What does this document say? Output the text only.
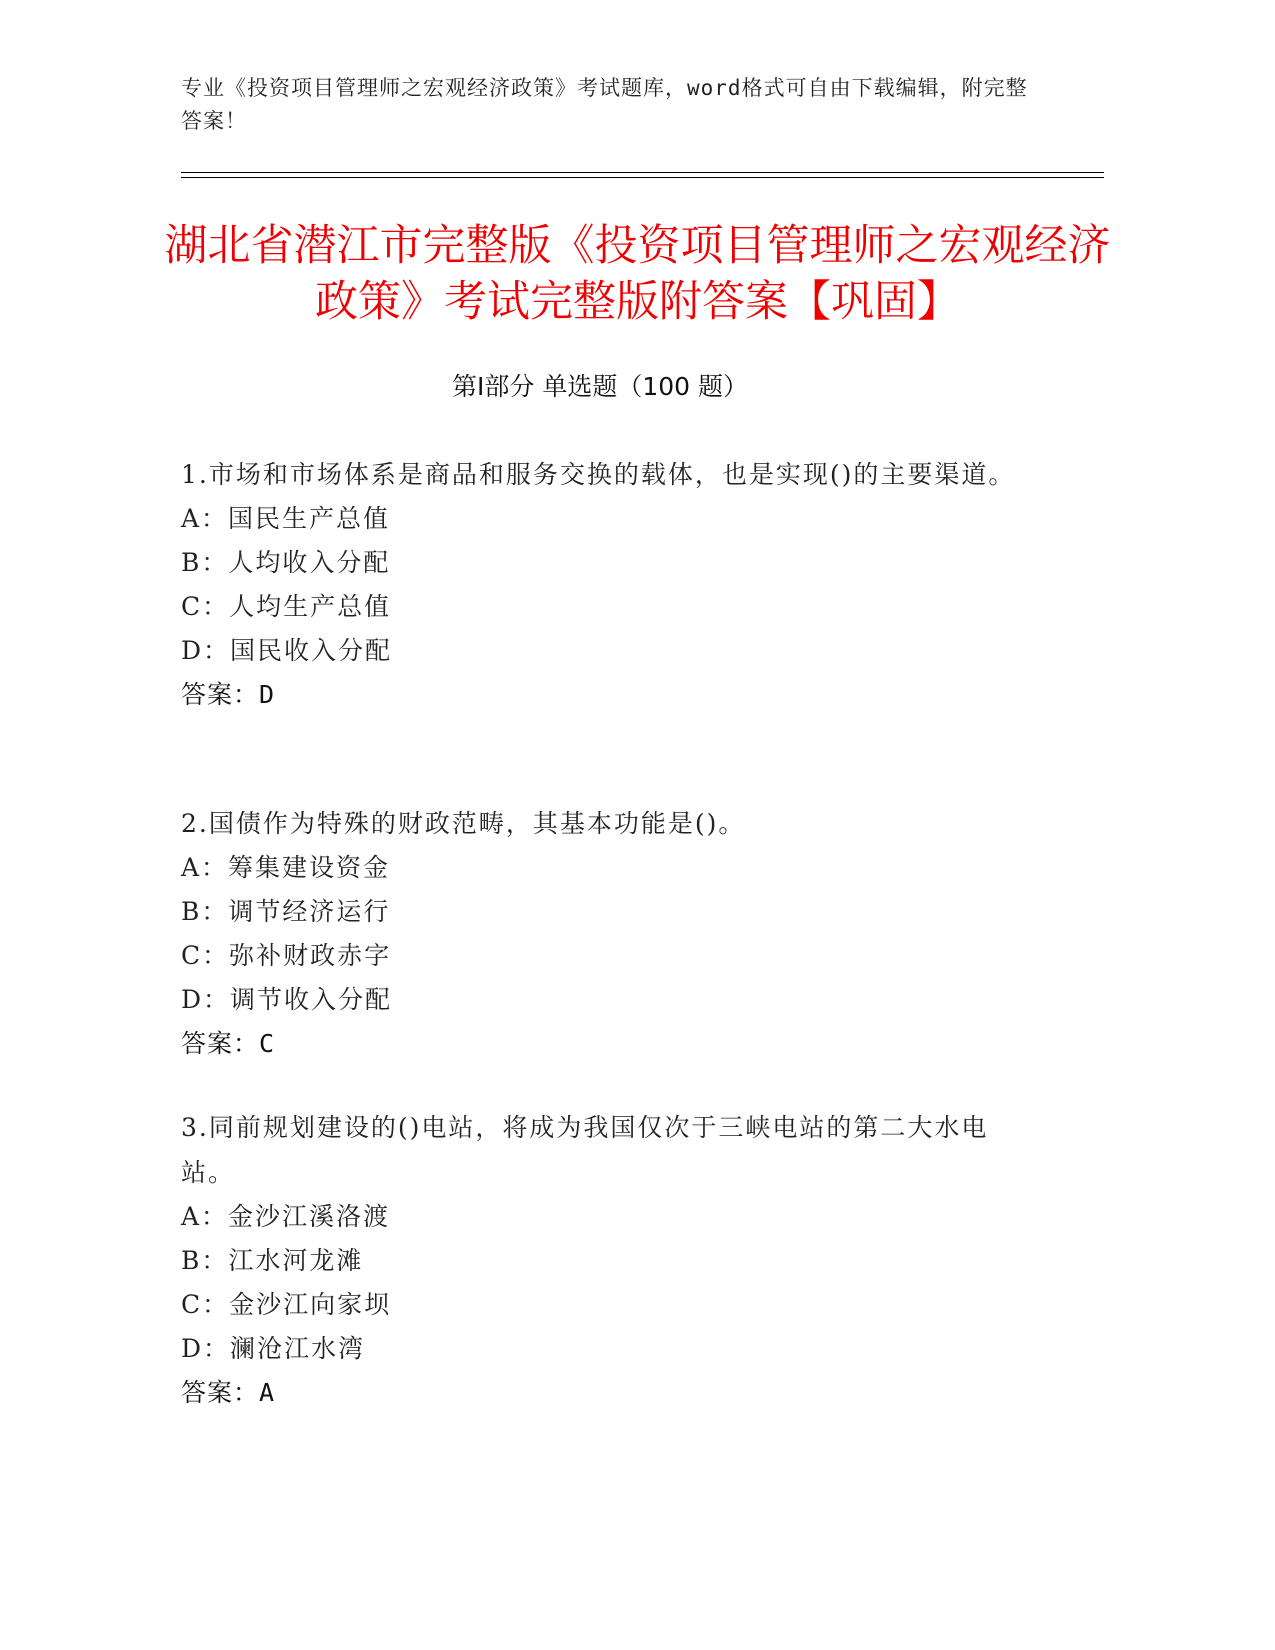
专业《投资项目管理师之宏观经济政策》考试题库，word格式可自由下载编辑，附完整答案！
湖北省潜江市完整版《投资项目管理师之宏观经济政策》考试完整版附答案【巩固】
第Ⅰ部分 单选题（100 题）

1.市场和市场体系是商品和服务交换的载体，也是实现()的主要渠道。

A：国民生产总值

B：人均收入分配

C：人均生产总值

D：国民收入分配

答案：D

2.国债作为特殊的财政范畴，其基本功能是()。

A：筹集建设资金

B：调节经济运行

C：弥补财政赤字

D：调节收入分配

答案：C

3.同前规划建设的()电站，将成为我国仅次于三峡电站的第二大水电站。

A：金沙江溪洛渡

B：江水河龙滩

C：金沙江向家坝

D：澜沧江水湾

答案：A
